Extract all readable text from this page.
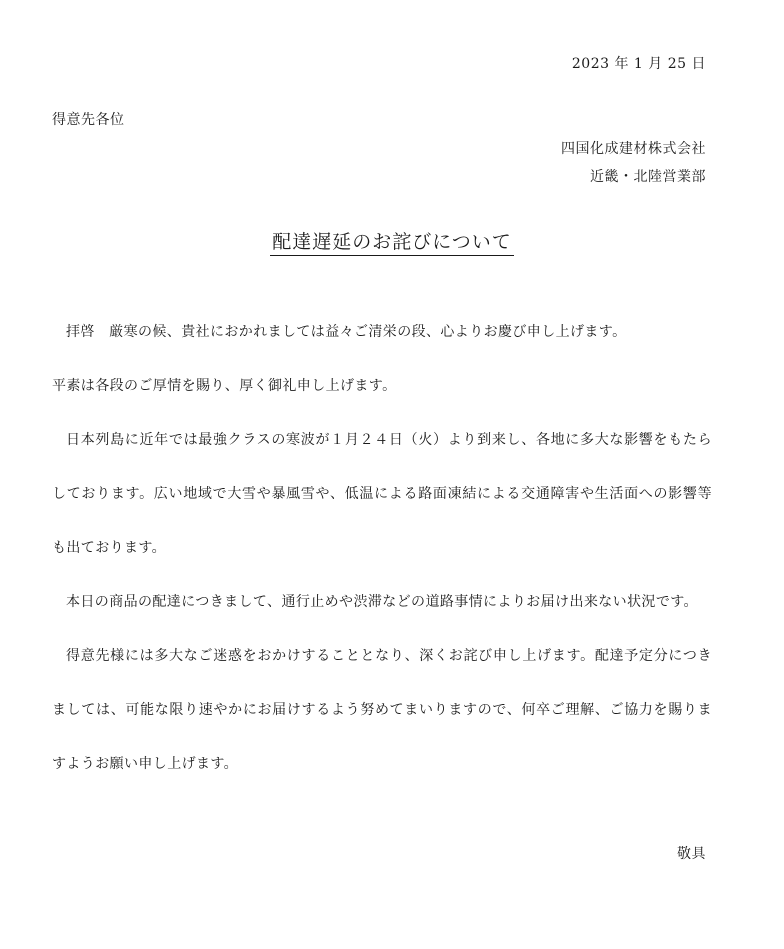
2023 年 1 月 25 日
得意先各位
四国化成建材株式会社
近畿・北陸営業部
配達遅延のお詫びについて

拝啓　厳寒の候、貴社におかれましては益々ご清栄の段、心よりお慶び申し上げます。

平素は各段のご厚情を賜り、厚く御礼申し上げます。

日本列島に近年では最強クラスの寒波が１月２４日（火）より到来し、各地に多大な影響をもたらしております。広い地域で大雪や暴風雪や、低温による路面凍結による交通障害や生活面への影響等も出ております。

本日の商品の配達につきまして、通行止めや渋滞などの道路事情によりお届け出来ない状況です。

得意先様には多大なご迷惑をおかけすることとなり、深くお詫び申し上げます。配達予定分につきましては、可能な限り速やかにお届けするよう努めてまいりますので、何卒ご理解、ご協力を賜りますようお願い申し上げます。

敬具
